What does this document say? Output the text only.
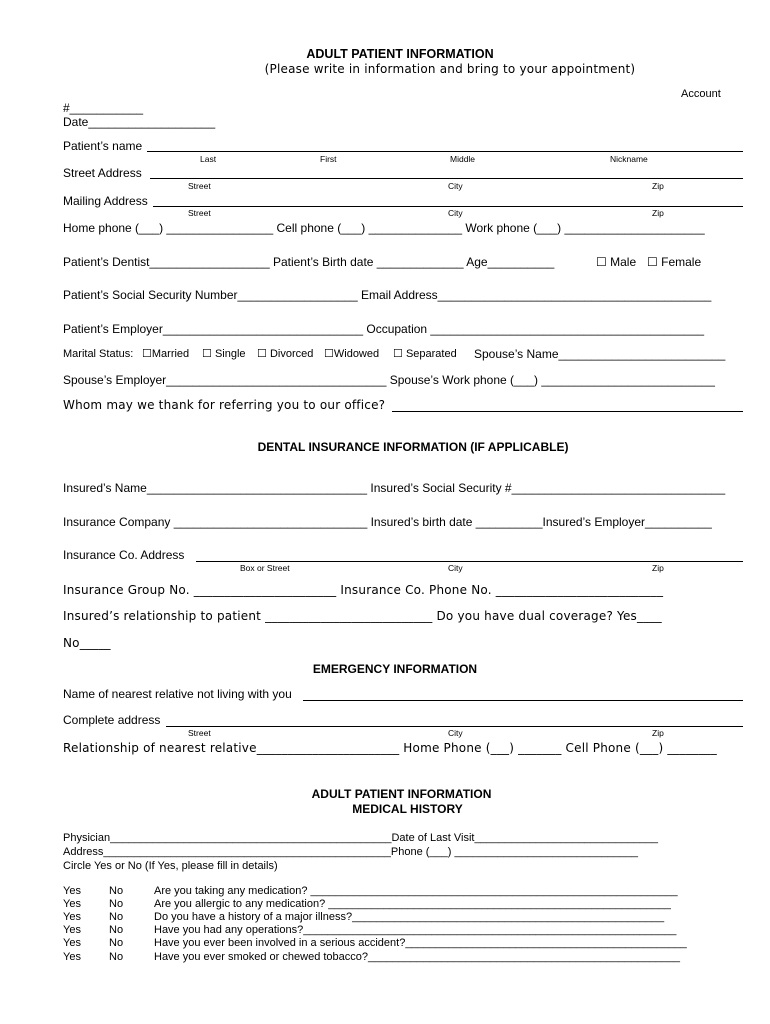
ADULT PATIENT INFORMATION
(Please write in information and bring to your appointment)
Account
#___________
Date___________________
Patient’s name
Last	First	Middle	Nickname
Street Address
Street	City	Zip
Mailing Address
Street	City	Zip
Home phone (___) ________________ Cell phone (___) ______________ Work phone (___) _____________________
Patient’s Dentist__________________ Patient’s Birth date _____________ Age__________	☐ Male ☐ Female
Patient’s Social Security Number__________________ Email Address_________________________________________
Patient’s Employer______________________________ Occupation _________________________________________
Marital Status: ☐Married ☐ Single ☐ Divorced ☐Widowed ☐ Separated Spouse’s Name_________________________
Spouse’s Employer_________________________________ Spouse’s Work phone (___) __________________________
Whom may we thank for referring you to our office?
DENTAL INSURANCE INFORMATION (IF APPLICABLE)
Insured’s Name_________________________________ Insured’s Social Security #________________________________
Insurance Company _____________________________ Insured’s birth date __________Insured’s Employer__________
Insurance Co. Address
Box or Street	City	Zip
Insurance Group No. _______________________ Insurance Co. Phone No. ___________________________
Insured’s relationship to patient ___________________________ Do you have dual coverage? Yes____
No_____
EMERGENCY INFORMATION
Name of nearest relative not living with you
Complete address
Street	City	Zip
Relationship of nearest relative_______________________ Home Phone (___) _______ Cell Phone (___) ________
ADULT PATIENT INFORMATION
MEDICAL HISTORY
Physician______________________________________________Date of Last Visit______________________________
Address_______________________________________________Phone (___) ______________________________
Circle Yes or No (If Yes, please fill in details)
Yes	No	Are you taking any medication? ____________________________________________________________
Yes	No	Are you allergic to any medication? ________________________________________________________
Yes	No	Do you have a history of a major illness?___________________________________________________
Yes	No	Have you had any operations?_____________________________________________________________
Yes	No	Have you ever been involved in a serious accident?______________________________________________
Yes	No	Have you ever smoked or chewed tobacco?___________________________________________________
